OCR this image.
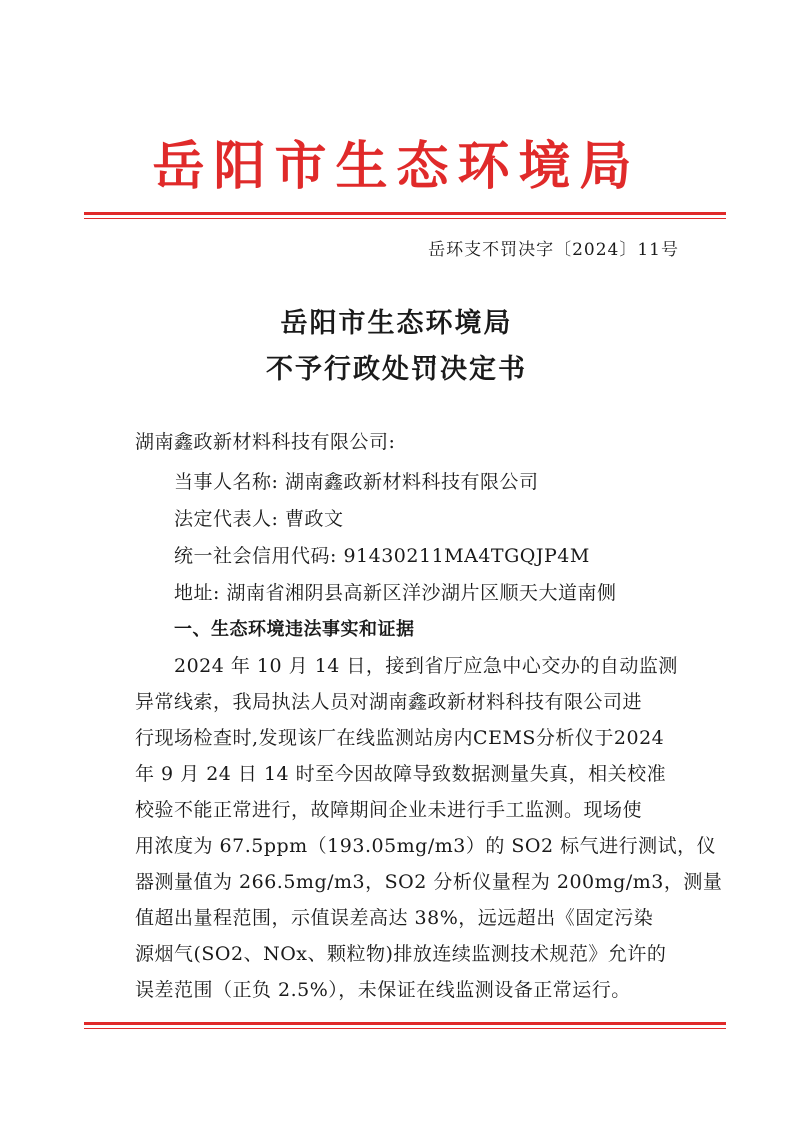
岳阳市生态环境局
岳环支不罚决字〔2024〕11号
岳阳市生态环境局
不予行政处罚决定书
湖南鑫政新材料科技有限公司:
当事人名称: 湖南鑫政新材料科技有限公司
法定代表人: 曹政文
统一社会信用代码: 91430211MA4TGQJP4M
地址: 湖南省湘阴县高新区洋沙湖片区顺天大道南侧
一、生态环境违法事实和证据
2024 年 10 月 14 日，接到省厅应急中心交办的自动监测
异常线索，我局执法人员对湖南鑫政新材料科技有限公司进
行现场检查时,发现该厂在线监测站房内CEMS分析仪于2024
年 9 月 24 日 14 时至今因故障导致数据测量失真，相关校准
校验不能正常进行，故障期间企业未进行手工监测。现场使
用浓度为 67.5ppm（193.05mg/m3）的 SO2 标气进行测试，仪
器测量值为 266.5mg/m3，SO2 分析仪量程为 200mg/m3，测量
值超出量程范围，示值误差高达 38%，远远超出《固定污染
源烟气(SO2、NOx、颗粒物)排放连续监测技术规范》允许的
误差范围（正负 2.5%），未保证在线监测设备正常运行。
